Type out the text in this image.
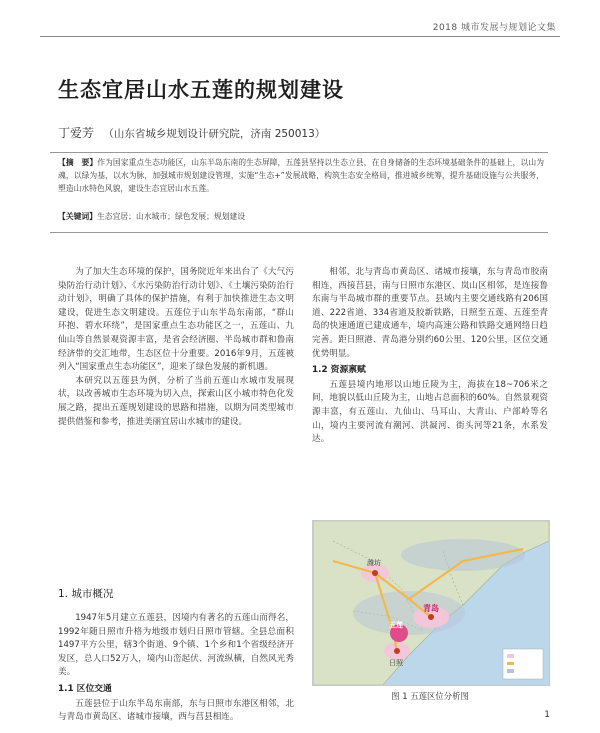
2018 城市发展与规划论文集
生态宜居山水五莲的规划建设
丁爱芳 （山东省城乡规划设计研究院，济南 250013）

【摘　要】作为国家重点生态功能区，山东半岛东南的生态屏障，五莲县坚持以生态立县，在自身储备的生态环境基础条件的基础上，以山为魂，以绿为基，以水为脉，加强城市规划建设管理，实施“生态+”发展战略，构筑生态安全格局，推进城乡统筹，提升基础设施与公共服务，塑造山水特色风貌，建设生态宜居山水五莲。

【关键词】生态宜居；山水城市；绿色发展；规划建设

为了加大生态环境的保护，国务院近年来出台了《大气污染防治行动计划》、《水污染防治行动计划》、《土壤污染防治行动计划》，明确了具体的保护措施，有利于加快推进生态文明建设，促进生态文明建设。五莲位于山东半岛东南部，“群山环抱、碧水环绕”，是国家重点生态功能区之一，五莲山、九仙山等自然景观资源丰富，是省会经济圈、半岛城市群和鲁南经济带的交汇地带，生态区位十分重要。2016年9月，五莲被列入“国家重点生态功能区”，迎来了绿色发展的新机遇。

本研究以五莲县为例，分析了当前五莲山水城市发展现状，以改善城市生态环境为切入点，探索山区小城市特色化发展之路，提出五莲规划建设的思路和措施，以期为同类型城市提供借鉴和参考，推进美丽宜居山水城市的建设。

1. 城市概况

1947年5月建立五莲县，因境内有著名的五莲山而得名，1992年随日照市升格为地级市划归日照市管辖。全县总面积1497平方公里，辖3个街道、9个镇、1个乡和1个省级经济开发区，总人口52万人，境内山峦起伏、河流纵横，自然风光秀美。

1.1 区位交通

五莲县位于山东半岛东南部，东与日照市东港区相邻，北与青岛市黄岛区、诸城市接壤，西与莒县相连。

相邻，北与青岛市黄岛区、诸城市接壤，东与青岛市胶南相连，西接莒县，南与日照市东港区、岚山区相邻，是连接鲁东南与半岛城市群的重要节点。县域内主要交通线路有206国道、222省道、334省道及胶新铁路，日照至五莲、五莲至青岛的快速通道已建成通车，境内高速公路和铁路交通网络日趋完善。距日照港、青岛港分别约60公里、120公里，区位交通优势明显。

1.2 资源禀赋

五莲县境内地形以山地丘陵为主，海拔在18~706米之间，地貌以低山丘陵为主，山地占总面积的60%。自然景观资源丰富，有五莲山、九仙山、马耳山、大青山、户部岭等名山，境内主要河流有潮河、洪凝河、街头河等21条，水系发达。

潍坊
青岛
五莲
日照
图 1 五莲区位分析图
1
